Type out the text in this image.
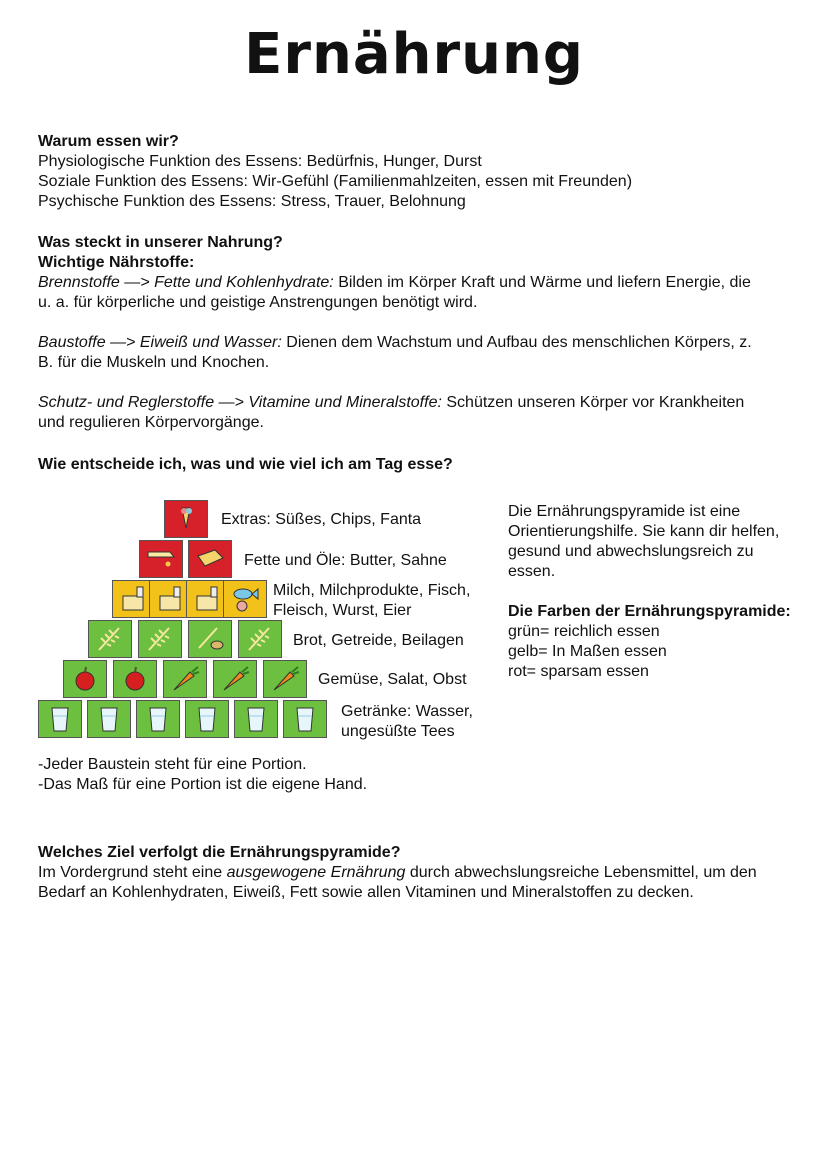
Ernährung
Warum essen wir?
Physiologische Funktion des Essens: Bedürfnis, Hunger, Durst
Soziale Funktion des Essens: Wir-Gefühl (Familienmahlzeiten, essen mit Freunden)
Psychische Funktion des Essens: Stress, Trauer, Belohnung
Was steckt in unserer Nahrung?
Wichtige Nährstoffe:
Brennstoffe —> Fette und Kohlenhydrate: Bilden im Körper Kraft und Wärme und liefern Energie, die u. a. für körperliche und geistige Anstrengungen benötigt wird.
Baustoffe —> Eiweiß und Wasser: Dienen dem Wachstum und Aufbau des menschlichen Körpers, z. B. für die Muskeln und Knochen.
Schutz- und Reglerstoffe —> Vitamine und Mineralstoffe: Schützen unseren Körper vor Krankheiten und regulieren Körpervorgänge.
Wie entscheide ich, was und wie viel ich am Tag esse?
Extras: Süßes, Chips, Fanta
Fette und Öle: Butter, Sahne
Milch, Milchprodukte, Fisch,
Fleisch, Wurst, Eier
Brot, Getreide, Beilagen
Gemüse, Salat, Obst
Getränke: Wasser,
ungesüßte Tees
Die Ernährungspyramide ist eine Orientierungshilfe. Sie kann dir helfen, gesund und abwechslungsreich zu essen.
Die Farben der Ernährungspyramide:
grün= reichlich essen
gelb= In Maßen essen
rot= sparsam essen
-Jeder Baustein steht für eine Portion.
-Das Maß für eine Portion ist die eigene Hand.
Welches Ziel verfolgt die Ernährungspyramide?
Im Vordergrund steht eine ausgewogene Ernährung durch abwechslungsreiche Lebensmittel, um den Bedarf an Kohlenhydraten, Eiweiß, Fett sowie allen Vitaminen und Mineralstoffen zu decken.
